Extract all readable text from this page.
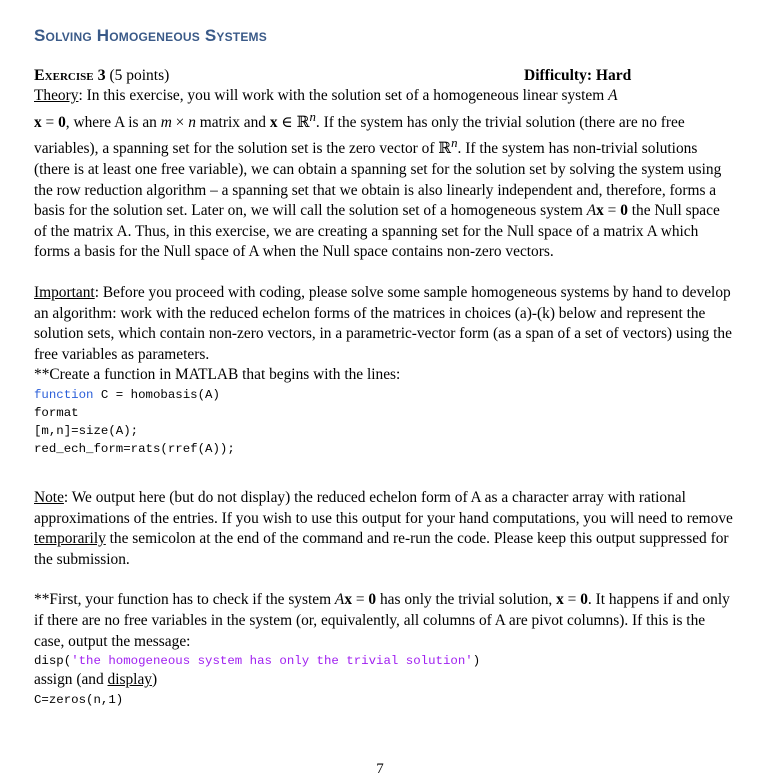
Solving Homogeneous Systems
Exercise 3 (5 points)	Difficulty: Hard

Theory: In this exercise, you will work with the solution set of a homogeneous linear system A
x = 0, where A is an m × n matrix and x ∈ ℝ$^n$. If the system has only the trivial solution (there are no free variables), a spanning set for the solution set is the zero vector of ℝ$^n$. If the system has non-trivial solutions (there is at least one free variable), we can obtain a spanning set for the solution set by solving the system using the row reduction algorithm – a spanning set that we obtain is also linearly independent and, therefore, forms a basis for the solution set. Later on, we will call the solution set of a homogeneous system Ax = 0 the Null space of the matrix A. Thus, in this exercise, we are creating a spanning set for the Null space of a matrix A which forms a basis for the Null space of A when the Null space contains non-zero vectors.

Important: Before you proceed with coding, please solve some sample homogeneous systems by hand to develop an algorithm: work with the reduced echelon forms of the matrices in choices (a)-(k) below and represent the solution sets, which contain non-zero vectors, in a parametric-vector form (as a span of a set of vectors) using the free variables as parameters.
**Create a function in MATLAB that begins with the lines:

function C = homobasis(A)
format
[m,n]=size(A);
red_ech_form=rats(rref(A));

Note: We output here (but do not display) the reduced echelon form of A as a character array with rational approximations of the entries. If you wish to use this output for your hand computations, you will need to remove temporarily the semicolon at the end of the command and re-run the code. Please keep this output suppressed for the submission.

**First, your function has to check if the system Ax = 0 has only the trivial solution, x = 0. It happens if and only if there are no free variables in the system (or, equivalently, all columns of A are pivot columns). If this is the case, output the message:

disp('the homogeneous system has only the trivial solution')

assign (and display)

C=zeros(n,1)
7
